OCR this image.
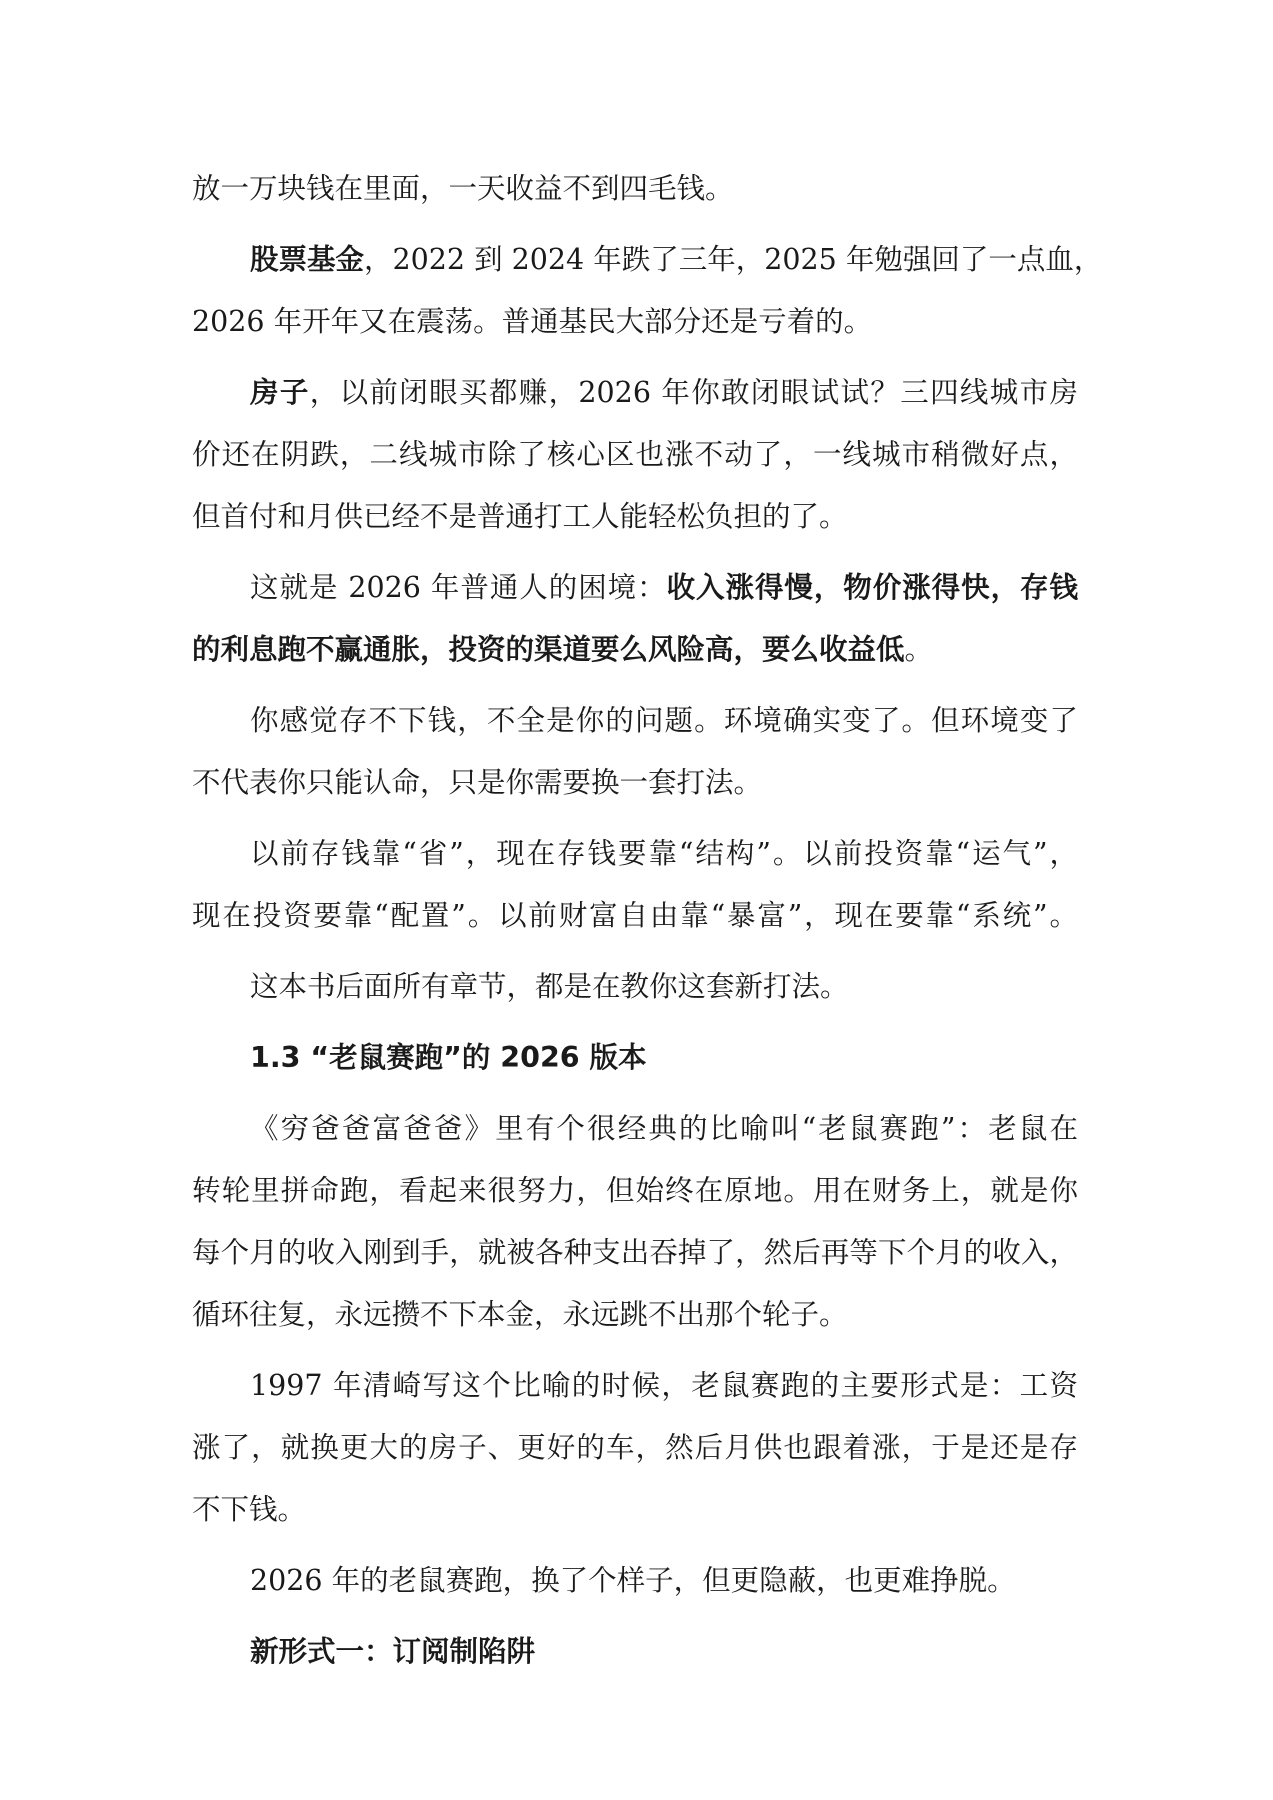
放一万块钱在里面，一天收益不到四毛钱。
股票基金，2022 到 2024 年跌了三年，2025 年勉强回了一点血，
2026 年开年又在震荡。普通基民大部分还是亏着的。
房子，以前闭眼买都赚，2026 年你敢闭眼试试？三四线城市房
价还在阴跌，二线城市除了核心区也涨不动了，一线城市稍微好点，
但首付和月供已经不是普通打工人能轻松负担的了。
这就是 2026 年普通人的困境：收入涨得慢，物价涨得快，存钱
的利息跑不赢通胀，投资的渠道要么风险高，要么收益低。
你感觉存不下钱，不全是你的问题。环境确实变了。但环境变了
不代表你只能认命，只是你需要换一套打法。
以前存钱靠“省”，现在存钱要靠“结构”。以前投资靠“运气”，
现在投资要靠“配置”。以前财富自由靠“暴富”，现在要靠“系统”。
这本书后面所有章节，都是在教你这套新打法。
1.3 “老鼠赛跑”的 2026 版本
《穷爸爸富爸爸》里有个很经典的比喻叫“老鼠赛跑”：老鼠在
转轮里拼命跑，看起来很努力，但始终在原地。用在财务上，就是你
每个月的收入刚到手，就被各种支出吞掉了，然后再等下个月的收入，
循环往复，永远攒不下本金，永远跳不出那个轮子。
1997 年清崎写这个比喻的时候，老鼠赛跑的主要形式是：工资
涨了，就换更大的房子、更好的车，然后月供也跟着涨，于是还是存
不下钱。
2026 年的老鼠赛跑，换了个样子，但更隐蔽，也更难挣脱。
新形式一：订阅制陷阱
